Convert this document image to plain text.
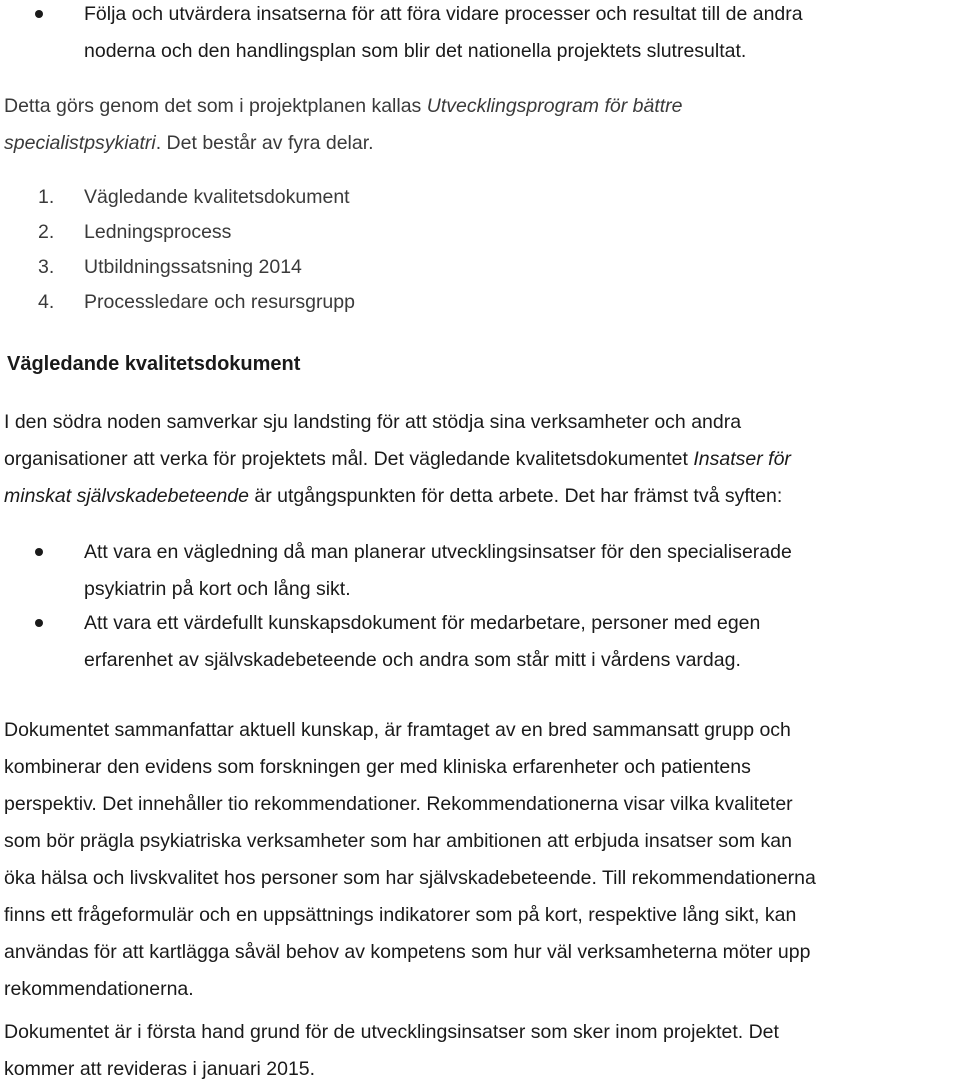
Följa och utvärdera insatserna för att föra vidare processer och resultat till de andra
noderna och den handlingsplan som blir det nationella projektets slutresultat.
Detta görs genom det som i projektplanen kallas Utvecklingsprogram för bättre
specialistpsykiatri. Det består av fyra delar.
1. Vägledande kvalitetsdokument
2. Ledningsprocess
3. Utbildningssatsning 2014
4. Processledare och resursgrupp
Vägledande kvalitetsdokument
I den södra noden samverkar sju landsting för att stödja sina verksamheter och andra
organisationer att verka för projektets mål. Det vägledande kvalitetsdokumentet Insatser för
minskat självskadebeteende är utgångspunkten för detta arbete. Det har främst två syften:
Att vara en vägledning då man planerar utvecklingsinsatser för den specialiserade
psykiatrin på kort och lång sikt.
Att vara ett värdefullt kunskapsdokument för medarbetare, personer med egen
erfarenhet av självskadebeteende och andra som står mitt i vårdens vardag.
Dokumentet sammanfattar aktuell kunskap, är framtaget av en bred sammansatt grupp och
kombinerar den evidens som forskningen ger med kliniska erfarenheter och patientens
perspektiv. Det innehåller tio rekommendationer. Rekommendationerna visar vilka kvaliteter
som bör prägla psykiatriska verksamheter som har ambitionen att erbjuda insatser som kan
öka hälsa och livskvalitet hos personer som har självskadebeteende. Till rekommendationerna
finns ett frågeformulär och en uppsättnings indikatorer som på kort, respektive lång sikt, kan
användas för att kartlägga såväl behov av kompetens som hur väl verksamheterna möter upp
rekommendationerna.
Dokumentet är i första hand grund för de utvecklingsinsatser som sker inom projektet. Det
kommer att revideras i januari 2015.
